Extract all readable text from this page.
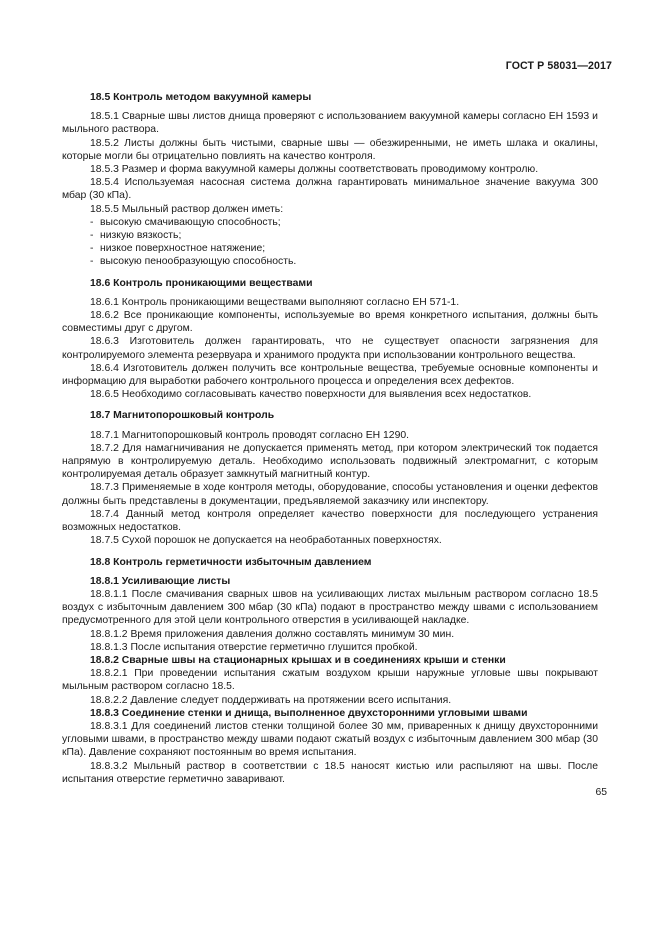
ГОСТ Р 58031—2017

18.5 Контроль методом вакуумной камеры

18.5.1 Сварные швы листов днища проверяют с использованием вакуумной камеры согласно ЕН 1593 и мыльного раствора.

18.5.2 Листы должны быть чистыми, сварные швы — обезжиренными, не иметь шлака и окалины, которые могли бы отрицательно повлиять на качество контроля.

18.5.3 Размер и форма вакуумной камеры должны соответствовать проводимому контролю.

18.5.4 Используемая насосная система должна гарантировать минимальное значение вакуума 300 мбар (30 кПа).

18.5.5 Мыльный раствор должен иметь:

- высокую смачивающую способность;

- низкую вязкость;

- низкое поверхностное натяжение;

- высокую пенообразующую способность.

18.6 Контроль проникающими веществами

18.6.1 Контроль проникающими веществами выполняют согласно ЕН 571-1.

18.6.2 Все проникающие компоненты, используемые во время конкретного испытания, должны быть совместимы друг с другом.

18.6.3 Изготовитель должен гарантировать, что не существует опасности загрязнения для контролируемого элемента резервуара и хранимого продукта при использовании контрольного вещества.

18.6.4 Изготовитель должен получить все контрольные вещества, требуемые основные компоненты и информацию для выработки рабочего контрольного процесса и определения всех дефектов.

18.6.5 Необходимо согласовывать качество поверхности для выявления всех недостатков.

18.7 Магнитопорошковый контроль

18.7.1 Магнитопорошковый контроль проводят согласно ЕН 1290.

18.7.2 Для намагничивания не допускается применять метод, при котором электрический ток подается напрямую в контролируемую деталь. Необходимо использовать подвижный электромагнит, с которым контролируемая деталь образует замкнутый магнитный контур.

18.7.3 Применяемые в ходе контроля методы, оборудование, способы установления и оценки дефектов должны быть представлены в документации, предъявляемой заказчику или инспектору.

18.7.4 Данный метод контроля определяет качество поверхности для последующего устранения возможных недостатков.

18.7.5 Сухой порошок не допускается на необработанных поверхностях.

18.8 Контроль герметичности избыточным давлением

18.8.1 Усиливающие листы

18.8.1.1 После смачивания сварных швов на усиливающих листах мыльным раствором согласно 18.5 воздух с избыточным давлением 300 мбар (30 кПа) подают в пространство между швами с использованием предусмотренного для этой цели контрольного отверстия в усиливающей накладке.

18.8.1.2 Время приложения давления должно составлять минимум 30 мин.

18.8.1.3 После испытания отверстие герметично глушится пробкой.

18.8.2 Сварные швы на стационарных крышах и в соединениях крыши и стенки

18.8.2.1 При проведении испытания сжатым воздухом крыши наружные угловые швы покрывают мыльным раствором согласно 18.5.

18.8.2.2 Давление следует поддерживать на протяжении всего испытания.

18.8.3 Соединение стенки и днища, выполненное двухсторонними угловыми швами

18.8.3.1 Для соединений листов стенки толщиной более 30 мм, приваренных к днищу двухсторонними угловыми швами, в пространство между швами подают сжатый воздух с избыточным давлением 300 мбар (30 кПа). Давление сохраняют постоянным во время испытания.

18.8.3.2 Мыльный раствор в соответствии с 18.5 наносят кистью или распыляют на швы. После испытания отверстие герметично заваривают.

65
